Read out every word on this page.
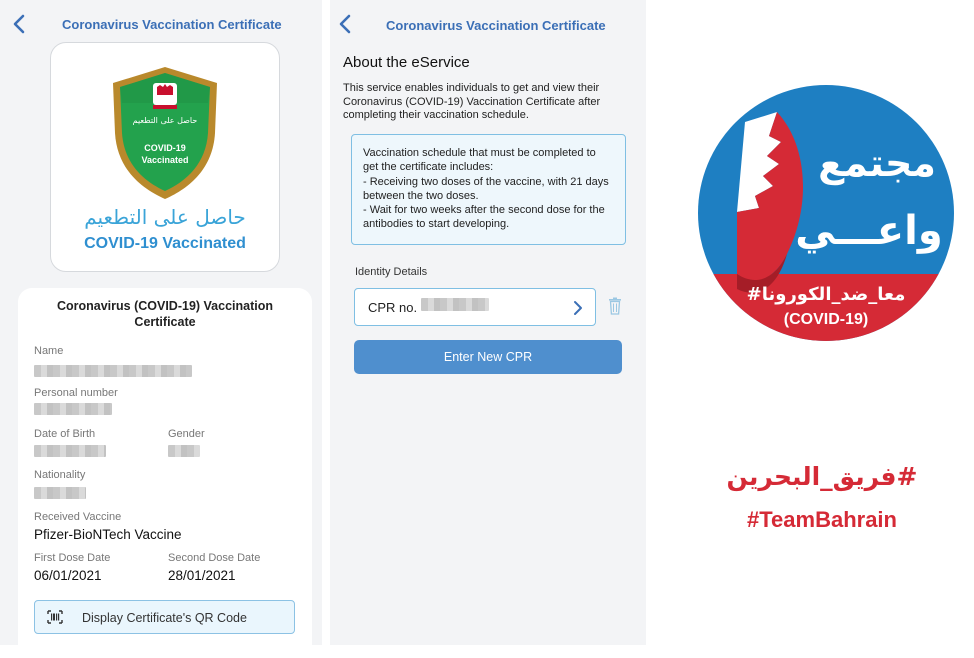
Coronavirus Vaccination Certificate
حاصل على التطعيم
COVID-19
Vaccinated
حاصل على التطعيم
COVID-19 Vaccinated
Coronavirus (COVID-19) Vaccination Certificate
Name
Personal number
Date of Birth	Gender
Nationality
Received Vaccine
Pfizer-BioNTech Vaccine
First Dose Date
06/01/2021
Second Dose Date
28/01/2021
Display Certificate's QR Code
Coronavirus Vaccination Certificate
About the eService
This service enables individuals to get and view their Coronavirus (COVID-19) Vaccination Certificate after completing their vaccination schedule.
Vaccination schedule that must be completed to get the certificate includes:
- Receiving two doses of the vaccine, with 21 days between the two doses.
- Wait for two weeks after the second dose for the antibodies to start developing.
Identity Details
CPR no.
Enter New CPR
مجتمع
واعـــي
#معا_ضد_الكورونا
(COVID-19)
#فريق_البحرين
#TeamBahrain
